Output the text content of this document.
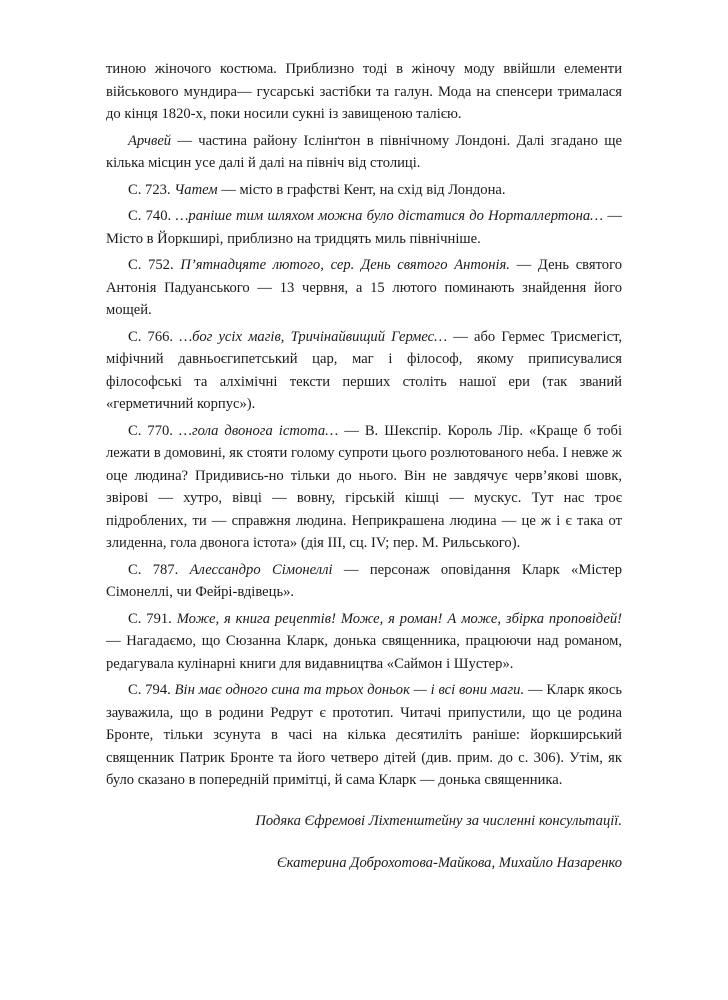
тиною жіночого костюма. Приблизно тоді в жіночу моду ввійшли елементи військового мундира— гусарські застібки та галун. Мода на спенсери трималася до кінця 1820-х, поки носили сукні із завищеною талією.

Арчвей — частина району Іслінґтон в північному Лондоні. Далі згадано ще кілька місцин усе далі й далі на північ від столиці.

С. 723. Чатем — місто в графстві Кент, на схід від Лондона.

С. 740. …раніше тим шляхом можна було дістатися до Норталлертона… — Місто в Йоркширі, приблизно на тридцять миль північніше.

С. 752. П’ятнадцяте лютого, сер. День святого Антонія. — День святого Антонія Падуанського — 13 червня, а 15 лютого поминають знайдення його мощей.

С. 766. …бог усіх магів, Тричінайвищий Гермес… — або Гермес Трисмегіст, міфічний давньоєгипетський цар, маг і філософ, якому приписувалися філософські та алхімічні тексти перших століть нашої ери (так званий «герметичний корпус»).

С. 770. …гола двонога істота… — В. Шекспір. Король Лір. «Краще б тобі лежати в домовині, як стояти голому супроти цього розлютованого неба. І невже ж оце людина? Придивись-но тільки до нього. Він не завдячує черв’якові шовк, звірові — хутро, вівці — вовну, гірській кішці — мускус. Тут нас троє підроблених, ти — справжня людина. Неприкрашена людина — це ж і є така от злиденна, гола двонога істота» (дія III, сц. IV; пер. М. Рильського).

С. 787. Алессандро Сімонеллі — персонаж оповідання Кларк «Містер Сімонеллі, чи Фейрі-вдівець».

С. 791. Може, я книга рецептів! Може, я роман! А може, збірка проповідей! — Нагадаємо, що Сюзанна Кларк, донька священника, працюючи над романом, редагувала кулінарні книги для видавництва «Саймон і Шустер».

С. 794. Він має одного сина та трьох доньок — і всі вони маги. — Кларк якось зауважила, що в родини Редрут є прототип. Читачі припустили, що це родина Бронте, тільки зсунута в часі на кілька десятиліть раніше: йоркширський священник Патрик Бронте та його четверо дітей (див. прим. до с. 306). Утім, як було сказано в попередній примітці, й сама Кларк — донька священника.

Подяка Єфремові Ліхтенштейну за численні консультації.

Єкатерина Доброхотова-Майкова, Михайло Назаренко
